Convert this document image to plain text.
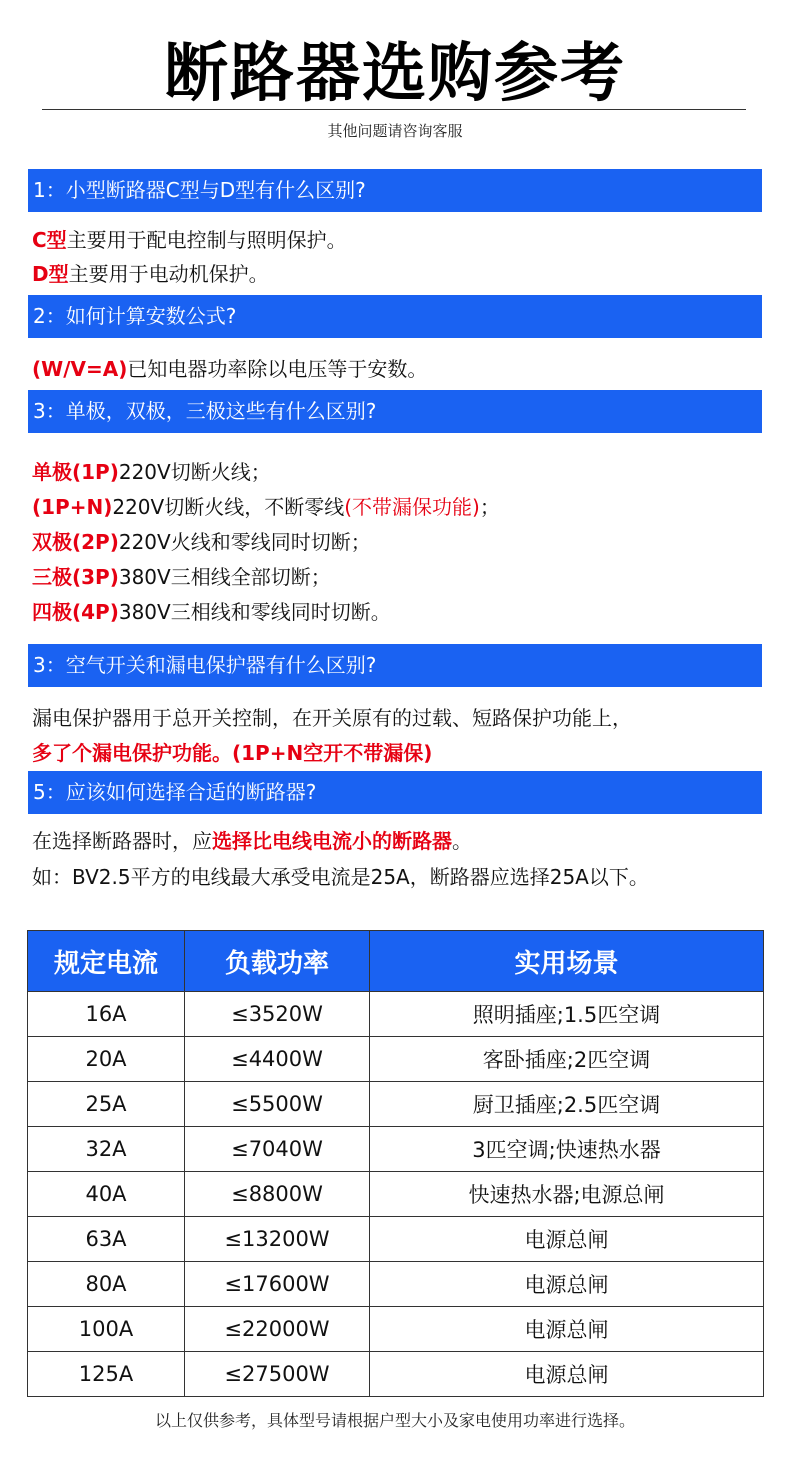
断路器选购参考
其他问题请咨询客服
1：小型断路器C型与D型有什么区别?
C型主要用于配电控制与照明保护。
D型主要用于电动机保护。
2：如何计算安数公式?
(W/V=A)已知电器功率除以电压等于安数。
3：单极，双极，三极这些有什么区别?
单极(1P)220V切断火线；
(1P+N)220V切断火线，不断零线(不带漏保功能)；
双极(2P)220V火线和零线同时切断；
三极(3P)380V三相线全部切断；
四极(4P)380V三相线和零线同时切断。
3：空气开关和漏电保护器有什么区别?
漏电保护器用于总开关控制，在开关原有的过载、短路保护功能上，
多了个漏电保护功能。(1P+N空开不带漏保)
5：应该如何选择合适的断路器?
在选择断路器时，应选择比电线电流小的断路器。
如：BV2.5平方的电线最大承受电流是25A，断路器应选择25A以下。
规定电流	负载功率	实用场景
16A	≤3520W	照明插座;1.5匹空调
20A	≤4400W	客卧插座;2匹空调
25A	≤5500W	厨卫插座;2.5匹空调
32A	≤7040W	3匹空调;快速热水器
40A	≤8800W	快速热水器;电源总闸
63A	≤13200W	电源总闸
80A	≤17600W	电源总闸
100A	≤22000W	电源总闸
125A	≤27500W	电源总闸
以上仅供参考，具体型号请根据户型大小及家电使用功率进行选择。
